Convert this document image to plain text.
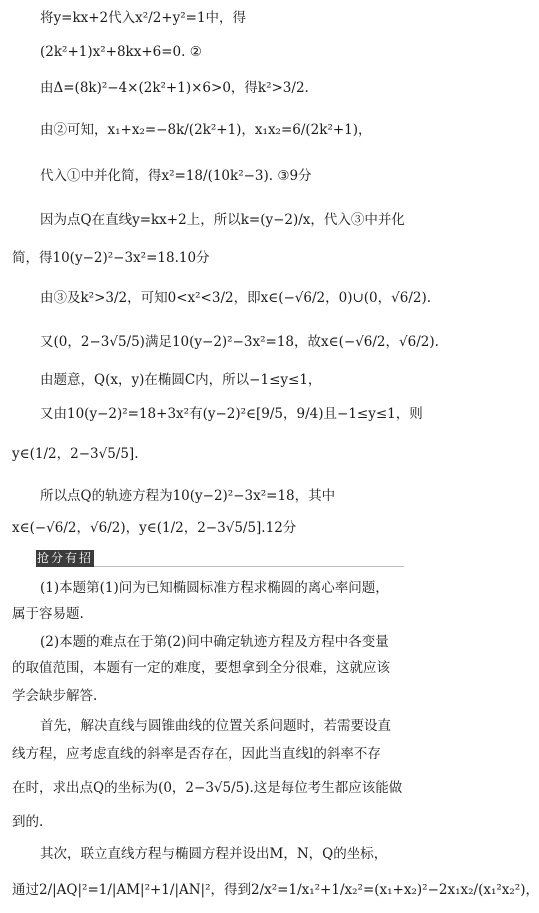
将y=kx+2代入x²/2+y²=1中，得
(2k²+1)x²+8kx+6=0. ②
由Δ=(8k)²−4×(2k²+1)×6>0，得k²>3/2.
由②可知，x₁+x₂=−8k/(2k²+1)，x₁x₂=6/(2k²+1)，
代入①中并化简，得x²=18/(10k²−3). ③9分
因为点Q在直线y=kx+2上，所以k=(y−2)/x，代入③中并化
简，得10(y−2)²−3x²=18.10分
由③及k²>3/2，可知0<x²<3/2，即x∈(−√6/2，0)∪(0，√6/2).
又(0，2−3√5/5)满足10(y−2)²−3x²=18，故x∈(−√6/2，√6/2).
由题意，Q(x，y)在椭圆C内，所以−1≤y≤1，
又由10(y−2)²=18+3x²有(y−2)²∈[9/5，9/4)且−1≤y≤1，则
y∈(1/2，2−3√5/5].
所以点Q的轨迹方程为10(y−2)²−3x²=18，其中
x∈(−√6/2，√6/2)，y∈(1/2，2−3√5/5].12分
抢分有招
(1)本题第(1)问为已知椭圆标准方程求椭圆的离心率问题，
属于容易题.
(2)本题的难点在于第(2)问中确定轨迹方程及方程中各变量
的取值范围，本题有一定的难度，要想拿到全分很难，这就应该
学会缺步解答.
首先，解决直线与圆锥曲线的位置关系问题时，若需要设直
线方程，应考虑直线的斜率是否存在，因此当直线l的斜率不存
在时，求出点Q的坐标为(0，2−3√5/5).这是每位考生都应该能做
到的.
其次，联立直线方程与椭圆方程并设出M，N，Q的坐标，
通过2/|AQ|²=1/|AM|²+1/|AN|²，得到2/x²=1/x₁²+1/x₂²=(x₁+x₂)²−2x₁x₂/(x₁²x₂²)，
